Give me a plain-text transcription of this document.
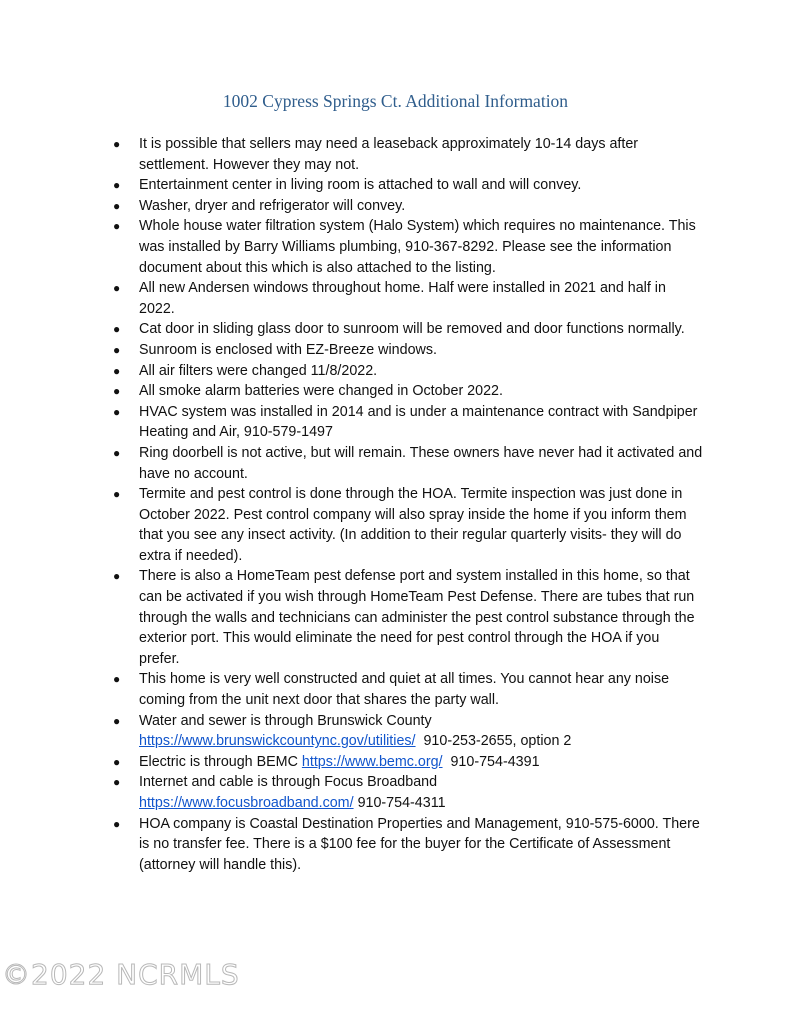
1002 Cypress Springs Ct. Additional Information
●	It is possible that sellers may need a leaseback approximately 10-14 days after settlement. However they may not.
●	Entertainment center in living room is attached to wall and will convey.
●	Washer, dryer and refrigerator will convey.
●	Whole house water filtration system (Halo System) which requires no maintenance. This was installed by Barry Williams plumbing, 910-367-8292. Please see the information document about this which is also attached to the listing.
●	All new Andersen windows throughout home. Half were installed in 2021 and half in 2022.
●	Cat door in sliding glass door to sunroom will be removed and door functions normally.
●	Sunroom is enclosed with EZ-Breeze windows.
●	All air filters were changed 11/8/2022.
●	All smoke alarm batteries were changed in October 2022.
●	HVAC system was installed in 2014 and is under a maintenance contract with Sandpiper Heating and Air, 910-579-1497
●	Ring doorbell is not active, but will remain. These owners have never had it activated and have no account.
●	Termite and pest control is done through the HOA. Termite inspection was just done in October 2022. Pest control company will also spray inside the home if you inform them that you see any insect activity. (In addition to their regular quarterly visits- they will do extra if needed).
●	There is also a HomeTeam pest defense port and system installed in this home, so that can be activated if you wish through HomeTeam Pest Defense. There are tubes that run through the walls and technicians can administer the pest control substance through the exterior port. This would eliminate the need for pest control through the HOA if you prefer.
●	This home is very well constructed and quiet at all times. You cannot hear any noise coming from the unit next door that shares the party wall.
●	Water and sewer is through Brunswick County
https://www.brunswickcountync.gov/utilities/ 910-253-2655, option 2
●	Electric is through BEMC https://www.bemc.org/ 910-754-4391
●	Internet and cable is through Focus Broadband
https://www.focusbroadband.com/ 910-754-4311
●	HOA company is Coastal Destination Properties and Management, 910-575-6000. There is no transfer fee. There is a $100 fee for the buyer for the Certificate of Assessment (attorney will handle this).
©2022 NCRMLS
